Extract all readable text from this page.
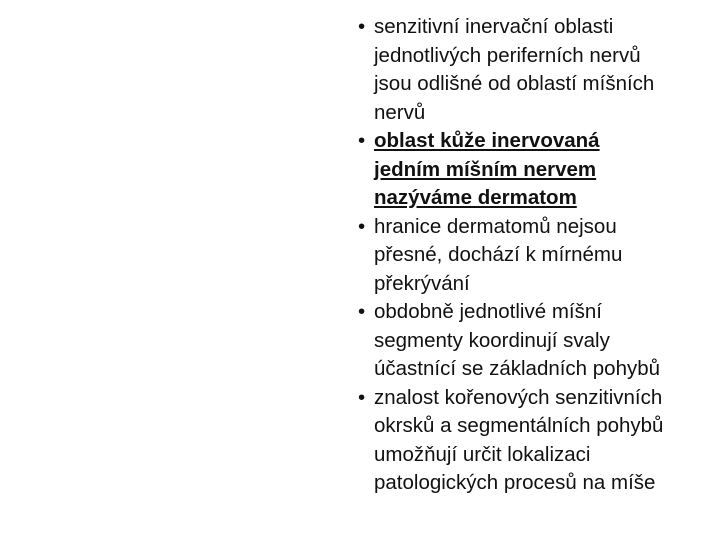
• senzitivní inervační oblasti
jednotlivých periferních nervů
jsou odlišné od oblastí míšních
nervů
• oblast kůže inervovaná
jedním míšním nervem
nazýváme dermatom
• hranice dermatomů nejsou
přesné, dochází k mírnému
překrývání
• obdobně jednotlivé míšní
segmenty koordinují svaly
účastnící se základních pohybů
• znalost kořenových senzitivních
okrsků a segmentálních pohybů
umožňují určit lokalizaci
patologických procesů na míše
